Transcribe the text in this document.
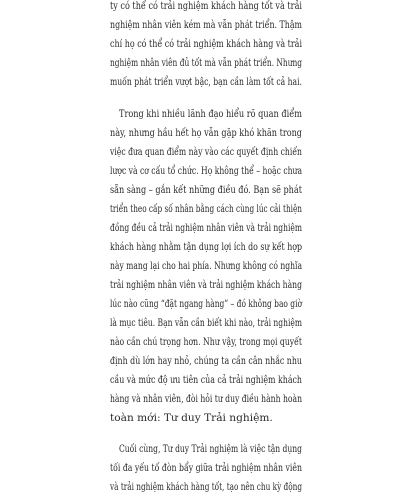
ty có thể có trải nghiệm khách hàng tốt và trải
nghiệm nhân viên kém mà vẫn phát triển. Thậm
chí họ có thể có trải nghiệm khách hàng và trải
nghiệm nhân viên đủ tốt mà vẫn phát triển. Nhưng
muốn phát triển vượt bậc, bạn cần làm tốt cả hai.
Trong khi nhiều lãnh đạo hiểu rõ quan điểm
này, nhưng hầu hết họ vẫn gặp khó khăn trong
việc đưa quan điểm này vào các quyết định chiến
lược và cơ cấu tổ chức. Họ không thể – hoặc chưa
sẵn sàng – gắn kết những điều đó. Bạn sẽ phát
triển theo cấp số nhân bằng cách cùng lúc cải thiện
đồng đều cả trải nghiệm nhân viên và trải nghiệm
khách hàng nhằm tận dụng lợi ích do sự kết hợp
này mang lại cho hai phía. Nhưng không có nghĩa
trải nghiệm nhân viên và trải nghiệm khách hàng
lúc nào cũng “đặt ngang hàng” – đó không bao giờ
là mục tiêu. Bạn vẫn cần biết khi nào, trải nghiệm
nào cần chú trọng hơn. Như vậy, trong mọi quyết
định dù lớn hay nhỏ, chúng ta cần cân nhắc nhu
cầu và mức độ ưu tiên của cả trải nghiệm khách
hàng và nhân viên, đòi hỏi tư duy điều hành hoàn
toàn mới: Tư duy Trải nghiệm.
Cuối cùng, Tư duy Trải nghiệm là việc tận dụng
tối đa yếu tố đòn bẩy giữa trải nghiệm nhân viên
và trải nghiệm khách hàng tốt, tạo nên chu kỳ động
